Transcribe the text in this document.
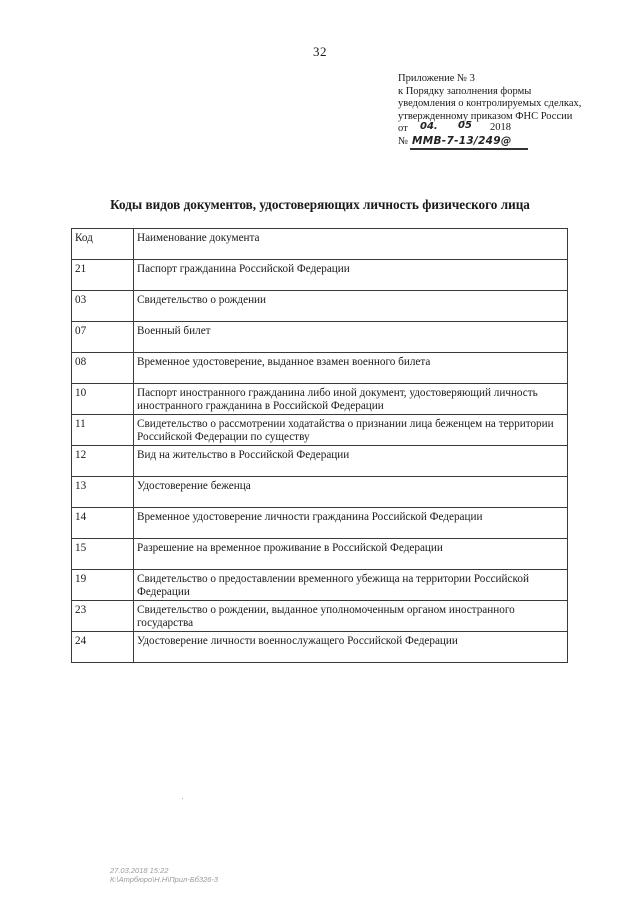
32
Приложение № 3
к Порядку заполнения формы
уведомления о контролируемых сделках,
утвержденному приказом ФНС России
от 04. 05 2018

№ ММВ-7-13/249@
Коды видов документов, удостоверяющих личность физического лица
Код	Наименование документа
21	Паспорт гражданина Российской Федерации
03	Свидетельство о рождении
07	Военный билет
08	Временное удостоверение, выданное взамен военного билета
10	Паспорт иностранного гражданина либо иной документ, удостоверяющий личность иностранного гражданина в Российской Федерации
11	Свидетельство о рассмотрении ходатайства о признании лица беженцем на территории Российской Федерации по существу
12	Вид на жительство в Российской Федерации
13	Удостоверение беженца
14	Временное удостоверение личности гражданина Российской Федерации
15	Разрешение на временное проживание в Российской Федерации
19	Свидетельство о предоставлении временного убежища на территории Российской Федерации
23	Свидетельство о рождении, выданное уполномоченным органом иностранного государства
24	Удостоверение личности военнослужащего Российской Федерации
27.03.2018 15:22
К:\Атрбюро\Н.Н\Прил-Бб326-3
